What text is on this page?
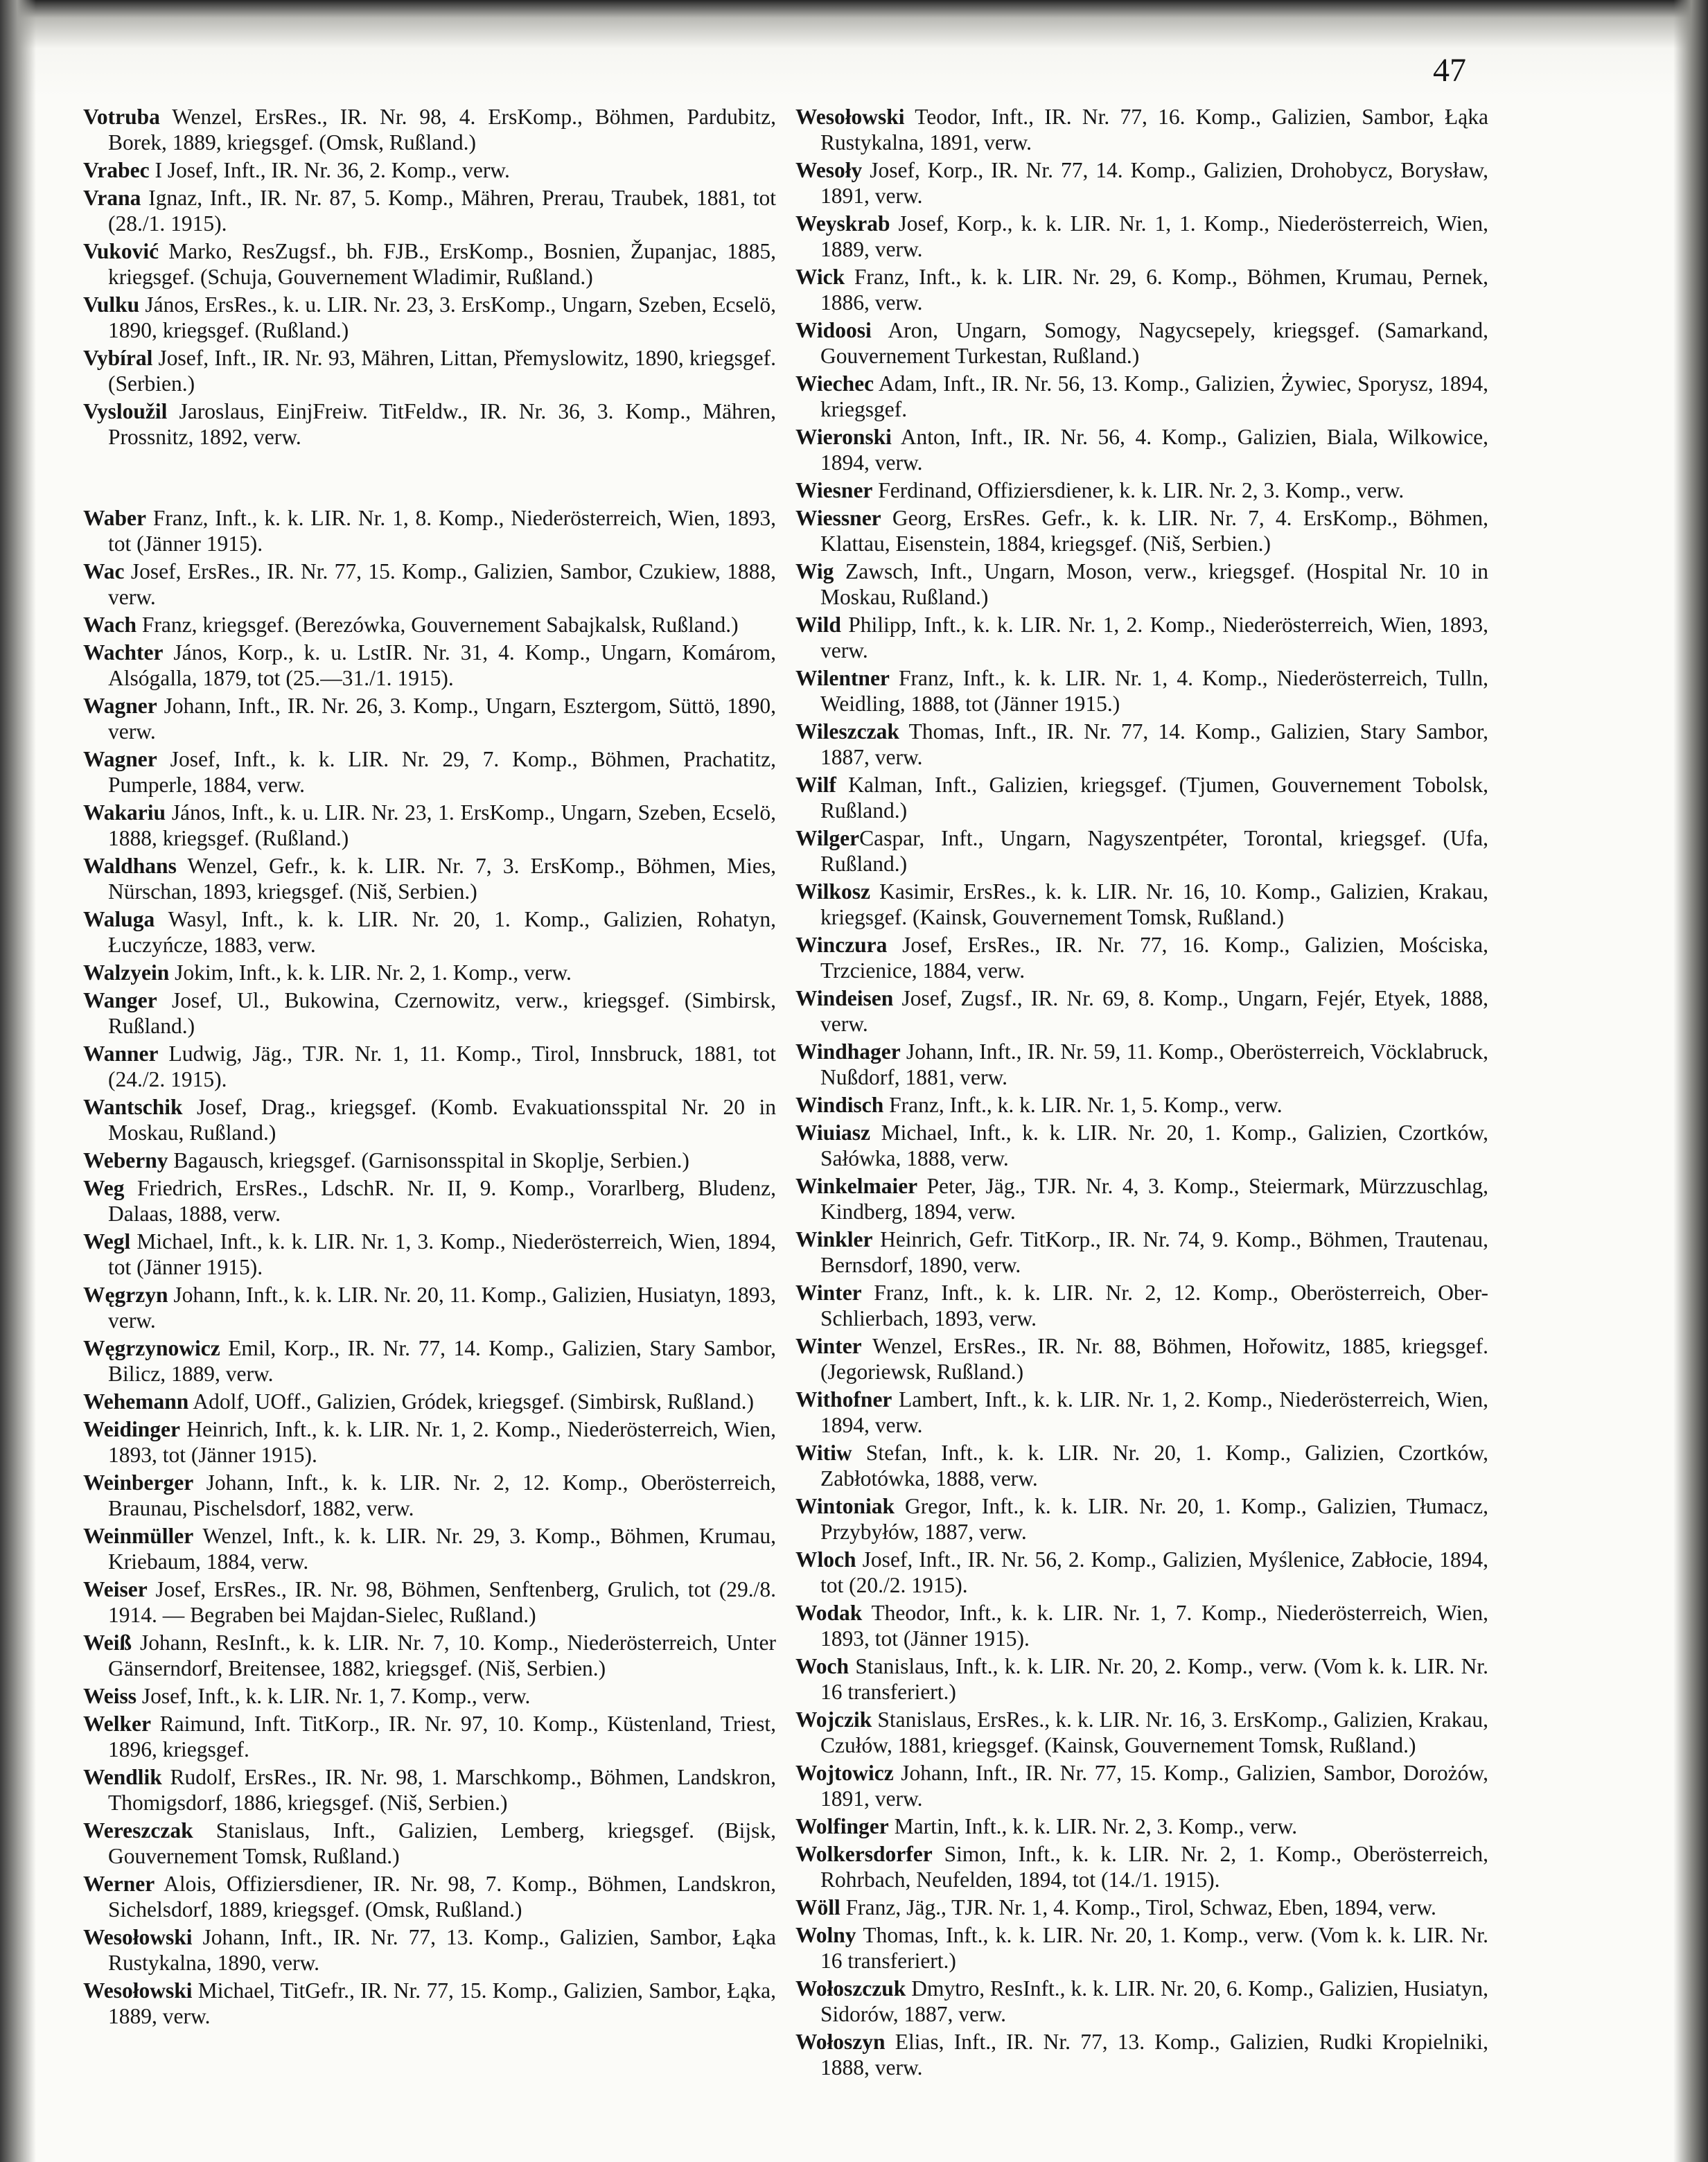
47

Votruba Wenzel, ErsRes., IR. Nr. 98, 4. ErsKomp., Böhmen, Pardubitz, Borek, 1889, kriegsgef. (Omsk, Rußland.)

Vrabec I Josef, Inft., IR. Nr. 36, 2. Komp., verw.

Vrana Ignaz, Inft., IR. Nr. 87, 5. Komp., Mähren, Prerau, Traubek, 1881, tot (28./1. 1915).

Vuković Marko, ResZugsf., bh. FJB., ErsKomp., Bosnien, Županjac, 1885, kriegsgef. (Schuja, Gouvernement Wladimir, Rußland.)

Vulku János, ErsRes., k. u. LIR. Nr. 23, 3. ErsKomp., Ungarn, Szeben, Ecselö, 1890, kriegsgef. (Rußland.)

Vybíral Josef, Inft., IR. Nr. 93, Mähren, Littan, Přemyslowitz, 1890, kriegsgef. (Serbien.)

Vysloužil Jaroslaus, EinjFreiw. TitFeldw., IR. Nr. 36, 3. Komp., Mähren, Prossnitz, 1892, verw.

Waber Franz, Inft., k. k. LIR. Nr. 1, 8. Komp., Niederösterreich, Wien, 1893, tot (Jänner 1915).

Wac Josef, ErsRes., IR. Nr. 77, 15. Komp., Galizien, Sambor, Czukiew, 1888, verw.

Wach Franz, kriegsgef. (Berezówka, Gouvernement Sabajkalsk, Rußland.)

Wachter János, Korp., k. u. LstIR. Nr. 31, 4. Komp., Ungarn, Komárom, Alsógalla, 1879, tot (25.—31./1. 1915).

Wagner Johann, Inft., IR. Nr. 26, 3. Komp., Ungarn, Esztergom, Süttö, 1890, verw.

Wagner Josef, Inft., k. k. LIR. Nr. 29, 7. Komp., Böhmen, Prachatitz, Pumperle, 1884, verw.

Wakariu János, Inft., k. u. LIR. Nr. 23, 1. ErsKomp., Ungarn, Szeben, Ecselö, 1888, kriegsgef. (Rußland.)

Waldhans Wenzel, Gefr., k. k. LIR. Nr. 7, 3. ErsKomp., Böhmen, Mies, Nürschan, 1893, kriegsgef. (Niš, Serbien.)

Waluga Wasyl, Inft., k. k. LIR. Nr. 20, 1. Komp., Galizien, Rohatyn, Łuczyńcze, 1883, verw.

Walzyein Jokim, Inft., k. k. LIR. Nr. 2, 1. Komp., verw.

Wanger Josef, Ul., Bukowina, Czernowitz, verw., kriegsgef. (Simbirsk, Rußland.)

Wanner Ludwig, Jäg., TJR. Nr. 1, 11. Komp., Tirol, Innsbruck, 1881, tot (24./2. 1915).

Wantschik Josef, Drag., kriegsgef. (Komb. Evakuationsspital Nr. 20 in Moskau, Rußland.)

Weberny Bagausch, kriegsgef. (Garnisonsspital in Skoplje, Serbien.)

Weg Friedrich, ErsRes., LdschR. Nr. II, 9. Komp., Vorarlberg, Bludenz, Dalaas, 1888, verw.

Wegl Michael, Inft., k. k. LIR. Nr. 1, 3. Komp., Niederösterreich, Wien, 1894, tot (Jänner 1915).

Węgrzyn Johann, Inft., k. k. LIR. Nr. 20, 11. Komp., Galizien, Husiatyn, 1893, verw.

Węgrzynowicz Emil, Korp., IR. Nr. 77, 14. Komp., Galizien, Stary Sambor, Bilicz, 1889, verw.

Wehemann Adolf, UOff., Galizien, Gródek, kriegsgef. (Simbirsk, Rußland.)

Weidinger Heinrich, Inft., k. k. LIR. Nr. 1, 2. Komp., Niederösterreich, Wien, 1893, tot (Jänner 1915).

Weinberger Johann, Inft., k. k. LIR. Nr. 2, 12. Komp., Oberösterreich, Braunau, Pischelsdorf, 1882, verw.

Weinmüller Wenzel, Inft., k. k. LIR. Nr. 29, 3. Komp., Böhmen, Krumau, Kriebaum, 1884, verw.

Weiser Josef, ErsRes., IR. Nr. 98, Böhmen, Senftenberg, Grulich, tot (29./8. 1914. — Begraben bei Majdan-Sielec, Rußland.)

Weiß Johann, ResInft., k. k. LIR. Nr. 7, 10. Komp., Niederösterreich, Unter Gänserndorf, Breitensee, 1882, kriegsgef. (Niš, Serbien.)

Weiss Josef, Inft., k. k. LIR. Nr. 1, 7. Komp., verw.

Welker Raimund, Inft. TitKorp., IR. Nr. 97, 10. Komp., Küstenland, Triest, 1896, kriegsgef.

Wendlik Rudolf, ErsRes., IR. Nr. 98, 1. Marschkomp., Böhmen, Landskron, Thomigsdorf, 1886, kriegsgef. (Niš, Serbien.)

Wereszczak Stanislaus, Inft., Galizien, Lemberg, kriegsgef. (Bijsk, Gouvernement Tomsk, Rußland.)

Werner Alois, Offiziersdiener, IR. Nr. 98, 7. Komp., Böhmen, Landskron, Sichelsdorf, 1889, kriegsgef. (Omsk, Rußland.)

Wesołowski Johann, Inft., IR. Nr. 77, 13. Komp., Galizien, Sambor, Łąka Rustykalna, 1890, verw.

Wesołowski Michael, TitGefr., IR. Nr. 77, 15. Komp., Galizien, Sambor, Łąka, 1889, verw.

Wesołowski Teodor, Inft., IR. Nr. 77, 16. Komp., Galizien, Sambor, Łąka Rustykalna, 1891, verw.

Wesoły Josef, Korp., IR. Nr. 77, 14. Komp., Galizien, Drohobycz, Borysław, 1891, verw.

Weyskrab Josef, Korp., k. k. LIR. Nr. 1, 1. Komp., Niederösterreich, Wien, 1889, verw.

Wick Franz, Inft., k. k. LIR. Nr. 29, 6. Komp., Böhmen, Krumau, Pernek, 1886, verw.

Widoosi Aron, Ungarn, Somogy, Nagycsepely, kriegsgef. (Samarkand, Gouvernement Turkestan, Rußland.)

Wiechec Adam, Inft., IR. Nr. 56, 13. Komp., Galizien, Żywiec, Sporysz, 1894, kriegsgef.

Wieronski Anton, Inft., IR. Nr. 56, 4. Komp., Galizien, Biala, Wilkowice, 1894, verw.

Wiesner Ferdinand, Offiziersdiener, k. k. LIR. Nr. 2, 3. Komp., verw.

Wiessner Georg, ErsRes. Gefr., k. k. LIR. Nr. 7, 4. ErsKomp., Böhmen, Klattau, Eisenstein, 1884, kriegsgef. (Niš, Serbien.)

Wig Zawsch, Inft., Ungarn, Moson, verw., kriegsgef. (Hospital Nr. 10 in Moskau, Rußland.)

Wild Philipp, Inft., k. k. LIR. Nr. 1, 2. Komp., Niederösterreich, Wien, 1893, verw.

Wilentner Franz, Inft., k. k. LIR. Nr. 1, 4. Komp., Niederösterreich, Tulln, Weidling, 1888, tot (Jänner 1915.)

Wileszczak Thomas, Inft., IR. Nr. 77, 14. Komp., Galizien, Stary Sambor, 1887, verw.

Wilf Kalman, Inft., Galizien, kriegsgef. (Tjumen, Gouvernement Tobolsk, Rußland.)

WilgerCaspar, Inft., Ungarn, Nagyszentpéter, Torontal, kriegsgef. (Ufa, Rußland.)

Wilkosz Kasimir, ErsRes., k. k. LIR. Nr. 16, 10. Komp., Galizien, Krakau, kriegsgef. (Kainsk, Gouvernement Tomsk, Rußland.)

Winczura Josef, ErsRes., IR. Nr. 77, 16. Komp., Galizien, Mościska, Trzcienice, 1884, verw.

Windeisen Josef, Zugsf., IR. Nr. 69, 8. Komp., Ungarn, Fejér, Etyek, 1888, verw.

Windhager Johann, Inft., IR. Nr. 59, 11. Komp., Oberösterreich, Vöcklabruck, Nußdorf, 1881, verw.

Windisch Franz, Inft., k. k. LIR. Nr. 1, 5. Komp., verw.

Wiuiasz Michael, Inft., k. k. LIR. Nr. 20, 1. Komp., Galizien, Czortków, Sałówka, 1888, verw.

Winkelmaier Peter, Jäg., TJR. Nr. 4, 3. Komp., Steiermark, Mürzzuschlag, Kindberg, 1894, verw.

Winkler Heinrich, Gefr. TitKorp., IR. Nr. 74, 9. Komp., Böhmen, Trautenau, Bernsdorf, 1890, verw.

Winter Franz, Inft., k. k. LIR. Nr. 2, 12. Komp., Oberösterreich, Ober-Schlierbach, 1893, verw.

Winter Wenzel, ErsRes., IR. Nr. 88, Böhmen, Hořowitz, 1885, kriegsgef. (Jegoriewsk, Rußland.)

Withofner Lambert, Inft., k. k. LIR. Nr. 1, 2. Komp., Niederösterreich, Wien, 1894, verw.

Witiw Stefan, Inft., k. k. LIR. Nr. 20, 1. Komp., Galizien, Czortków, Zabłotówka, 1888, verw.

Wintoniak Gregor, Inft., k. k. LIR. Nr. 20, 1. Komp., Galizien, Tłumacz, Przybyłów, 1887, verw.

Wloch Josef, Inft., IR. Nr. 56, 2. Komp., Galizien, Myślenice, Zabłocie, 1894, tot (20./2. 1915).

Wodak Theodor, Inft., k. k. LIR. Nr. 1, 7. Komp., Niederösterreich, Wien, 1893, tot (Jänner 1915).

Woch Stanislaus, Inft., k. k. LIR. Nr. 20, 2. Komp., verw. (Vom k. k. LIR. Nr. 16 transferiert.)

Wojczik Stanislaus, ErsRes., k. k. LIR. Nr. 16, 3. ErsKomp., Galizien, Krakau, Czułów, 1881, kriegsgef. (Kainsk, Gouvernement Tomsk, Rußland.)

Wojtowicz Johann, Inft., IR. Nr. 77, 15. Komp., Galizien, Sambor, Dorożów, 1891, verw.

Wolfinger Martin, Inft., k. k. LIR. Nr. 2, 3. Komp., verw.

Wolkersdorfer Simon, Inft., k. k. LIR. Nr. 2, 1. Komp., Oberösterreich, Rohrbach, Neufelden, 1894, tot (14./1. 1915).

Wöll Franz, Jäg., TJR. Nr. 1, 4. Komp., Tirol, Schwaz, Eben, 1894, verw.

Wolny Thomas, Inft., k. k. LIR. Nr. 20, 1. Komp., verw. (Vom k. k. LIR. Nr. 16 transferiert.)

Wołoszczuk Dmytro, ResInft., k. k. LIR. Nr. 20, 6. Komp., Galizien, Husiatyn, Sidorów, 1887, verw.

Wołoszyn Elias, Inft., IR. Nr. 77, 13. Komp., Galizien, Rudki Kropielniki, 1888, verw.
